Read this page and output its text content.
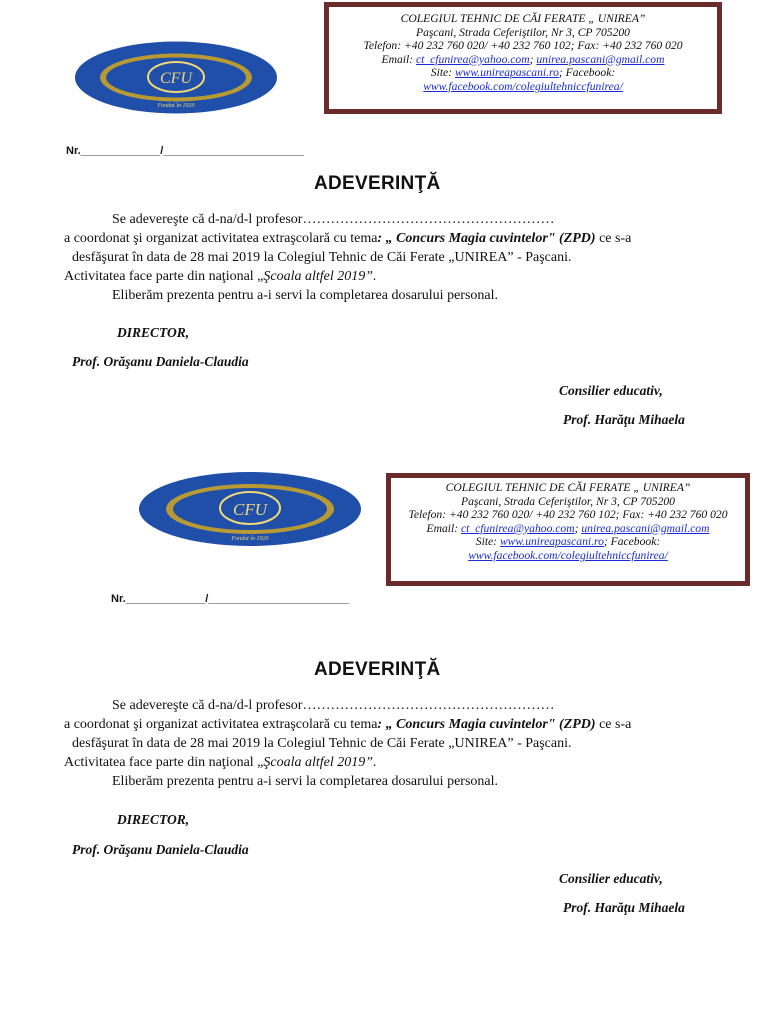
CFU
Fondat în 1920
COLEGIUL TEHNIC DE CĂI FERATE „ UNIREA”
Paşcani, Strada Ceferiştilor, Nr 3, CP 705200
Telefon: +40 232 760 020/ +40 232 760 102; Fax: +40 232 760 020
Email: ct_cfunirea@yahoo.com; unirea.pascani@gmail.com
Site: www.unireapascani.ro; Facebook:
www.facebook.com/colegiultehniccfunirea/
Nr._____________/_______________________
ADEVERINŢĂ
Se adevereşte că d-na/d-l profesor………………………………………………
a coordonat şi organizat activitatea extraşcolară cu tema: „ Concurs Magia cuvintelor" (ZPD) ce s-a
desfăşurat în data de 28 mai 2019 la Colegiul Tehnic de Căi Ferate „UNIREA” - Paşcani.
Activitatea face parte din naţional „Şcoala altfel 2019”.
Eliberăm prezenta pentru a-i servi la completarea dosarului personal.
DIRECTOR,
Prof. Orăşanu Daniela-Claudia
Consilier educativ,
Prof. Harăţu Mihaela
CFU
Fondat în 1920
COLEGIUL TEHNIC DE CĂI FERATE „ UNIREA”
Paşcani, Strada Ceferiştilor, Nr 3, CP 705200
Telefon: +40 232 760 020/ +40 232 760 102; Fax: +40 232 760 020
Email: ct_cfunirea@yahoo.com; unirea.pascani@gmail.com
Site: www.unireapascani.ro; Facebook:
www.facebook.com/colegiultehniccfunirea/
Nr._____________/_______________________
ADEVERINŢĂ
Se adevereşte că d-na/d-l profesor………………………………………………
a coordonat şi organizat activitatea extraşcolară cu tema: „ Concurs Magia cuvintelor" (ZPD) ce s-a
desfăşurat în data de 28 mai 2019 la Colegiul Tehnic de Căi Ferate „UNIREA” - Paşcani.
Activitatea face parte din naţional „Şcoala altfel 2019”.
Eliberăm prezenta pentru a-i servi la completarea dosarului personal.
DIRECTOR,
Prof. Orăşanu Daniela-Claudia
Consilier educativ,
Prof. Harăţu Mihaela
